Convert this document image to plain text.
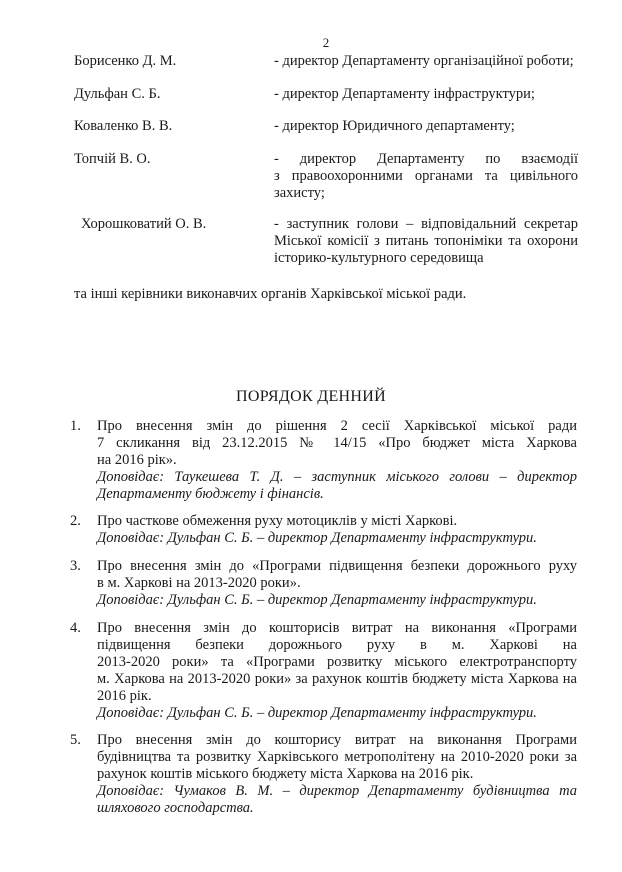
2
Борисенко Д. М.	- директор Департаменту організаційної роботи;
Дульфан С. Б.	- директор Департаменту інфраструктури;
Коваленко В. В.	- директор Юридичного департаменту;
Топчій В. О.	- директор Департаменту по взаємодії
з правоохоронними органами та цивільного
захисту;
Хорошковатий О. В.	- заступник голови – відповідальний секретар
Міської комісії з питань топоніміки та охорони
історико-культурного середовища
та інші керівники виконавчих органів Харківської міської ради.
ПОРЯДОК ДЕННИЙ
1. Про внесення змін до рішення 2 сесії Харківської міської ради
7 скликання від 23.12.2015 № 14/15 «Про бюджет міста Харкова
на 2016 рік».
Доповідає: Таукешева Т. Д. – заступник міського голови – директор
Департаменту бюджету і фінансів.
2. Про часткове обмеження руху мотоциклів у місті Харкові.
Доповідає: Дульфан С. Б. – директор Департаменту інфраструктури.
3. Про внесення змін до «Програми підвищення безпеки дорожнього руху
в м. Харкові на 2013-2020 роки».
Доповідає: Дульфан С. Б. – директор Департаменту інфраструктури.
4. Про внесення змін до кошторисів витрат на виконання «Програми
підвищення безпеки дорожнього руху в м. Харкові на
2013-2020 роки» та «Програми розвитку міського електротранспорту
м. Харкова на 2013-2020 роки» за рахунок коштів бюджету міста Харкова на
2016 рік.
Доповідає: Дульфан С. Б. – директор Департаменту інфраструктури.
5. Про внесення змін до кошторису витрат на виконання Програми
будівництва та розвитку Харківського метрополітену на 2010-2020 роки за
рахунок коштів міського бюджету міста Харкова на 2016 рік.
Доповідає: Чумаков В. М. – директор Департаменту будівництва та
шляхового господарства.
